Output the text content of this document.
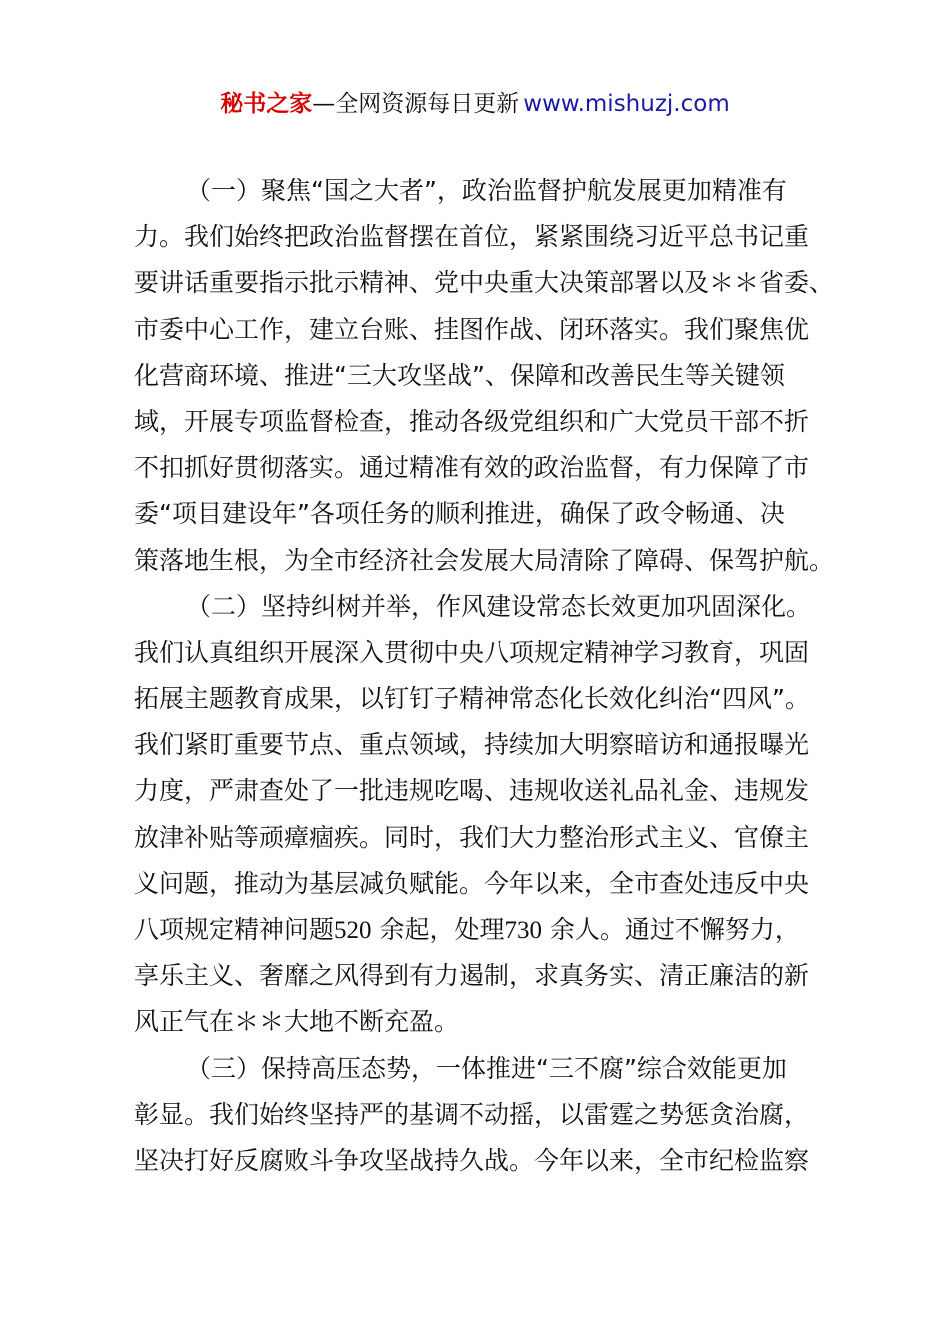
秘书之家—全网资源每日更新 www.mishuzj.com
（一）聚焦“国之大者”，政治监督护航发展更加精准有
力。我们始终把政治监督摆在首位，紧紧围绕习近平总书记重
要讲话重要指示批示精神、党中央重大决策部署以及＊＊省委、
市委中心工作，建立台账、挂图作战、闭环落实。我们聚焦优
化营商环境、推进“三大攻坚战”、保障和改善民生等关键领
域，开展专项监督检查，推动各级党组织和广大党员干部不折
不扣抓好贯彻落实。通过精准有效的政治监督，有力保障了市
委“项目建设年”各项任务的顺利推进，确保了政令畅通、决
策落地生根，为全市经济社会发展大局清除了障碍、保驾护航。
（二）坚持纠树并举，作风建设常态长效更加巩固深化。
我们认真组织开展深入贯彻中央八项规定精神学习教育，巩固
拓展主题教育成果，以钉钉子精神常态化长效化纠治“四风”。
我们紧盯重要节点、重点领域，持续加大明察暗访和通报曝光
力度，严肃查处了一批违规吃喝、违规收送礼品礼金、违规发
放津补贴等顽瘴痼疾。同时，我们大力整治形式主义、官僚主
义问题，推动为基层减负赋能。今年以来，全市查处违反中央
八项规定精神问题520 余起，处理730 余人。通过不懈努力，
享乐主义、奢靡之风得到有力遏制，求真务实、清正廉洁的新
风正气在＊＊大地不断充盈。
（三）保持高压态势，一体推进“三不腐”综合效能更加
彰显。我们始终坚持严的基调不动摇，以雷霆之势惩贪治腐，
坚决打好反腐败斗争攻坚战持久战。今年以来，全市纪检监察
